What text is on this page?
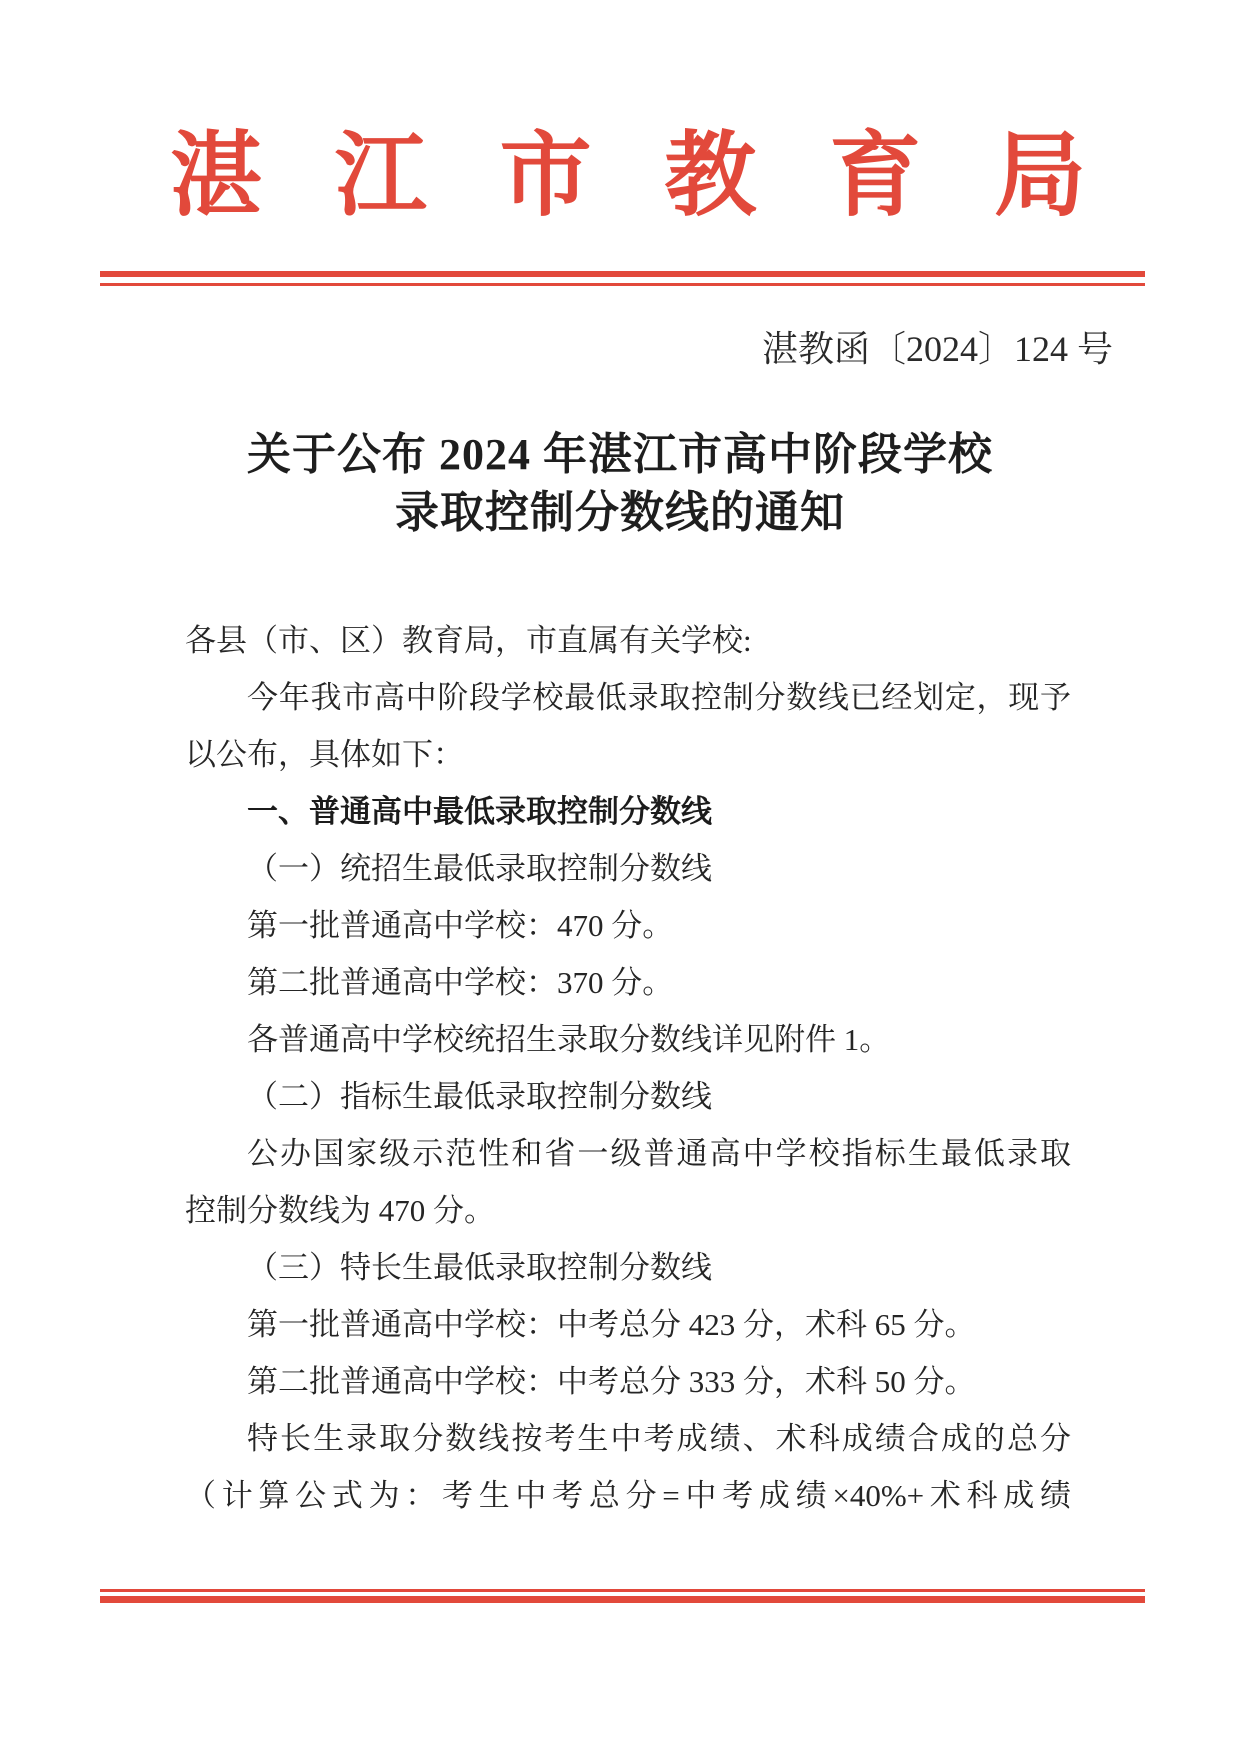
湛 江 市 教 育 局
湛教函〔2024〕124 号
关于公布 2024 年湛江市高中阶段学校
录取控制分数线的通知
各县（市、区）教育局，市直属有关学校:
今年我市高中阶段学校最低录取控制分数线已经划定，现予
以公布，具体如下：
一、普通高中最低录取控制分数线
（一）统招生最低录取控制分数线
第一批普通高中学校：470 分。
第二批普通高中学校：370 分。
各普通高中学校统招生录取分数线详见附件 1。
（二）指标生最低录取控制分数线
公办国家级示范性和省一级普通高中学校指标生最低录取
控制分数线为 470 分。
（三）特长生最低录取控制分数线
第一批普通高中学校：中考总分 423 分，术科 65 分。
第二批普通高中学校：中考总分 333 分，术科 50 分。
特长生录取分数线按考生中考成绩、术科成绩合成的总分
（计算公式为：考生中考总分=中考成绩×40%+术科成绩
